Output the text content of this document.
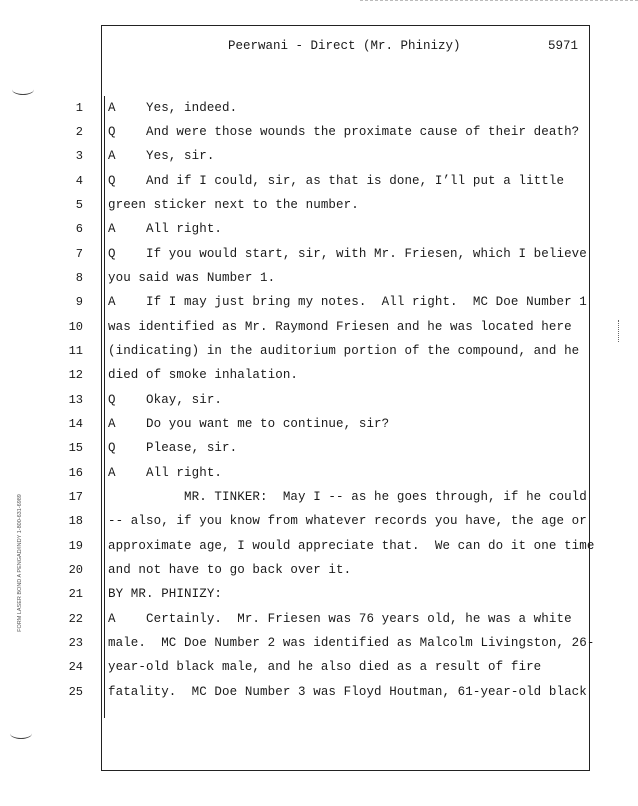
Peerwani - Direct (Mr. Phinizy)	5971
FORM LASER BOND A PENGAD/INDY 1-800-631-6989
1 A    Yes, indeed.
2 Q    And were those wounds the proximate cause of their death?
3 A    Yes, sir.
4 Q    And if I could, sir, as that is done, I’ll put a little
5 green sticker next to the number.
6 A    All right.
7 Q    If you would start, sir, with Mr. Friesen, which I believe
8 you said was Number 1.
9 A    If I may just bring my notes.  All right.  MC Doe Number 1
10 was identified as Mr. Raymond Friesen and he was located here
11 (indicating) in the auditorium portion of the compound, and he
12 died of smoke inhalation.
13 Q    Okay, sir.
14 A    Do you want me to continue, sir?
15 Q    Please, sir.
16 A    All right.
17 MR. TINKER:  May I -- as he goes through, if he could
18 -- also, if you know from whatever records you have, the age or
19 approximate age, I would appreciate that.  We can do it one time
20 and not have to go back over it.
21 BY MR. PHINIZY:
22 A    Certainly.  Mr. Friesen was 76 years old, he was a white
23 male.  MC Doe Number 2 was identified as Malcolm Livingston, 26-
24 year-old black male, and he also died as a result of fire
25 fatality.  MC Doe Number 3 was Floyd Houtman, 61-year-old black
